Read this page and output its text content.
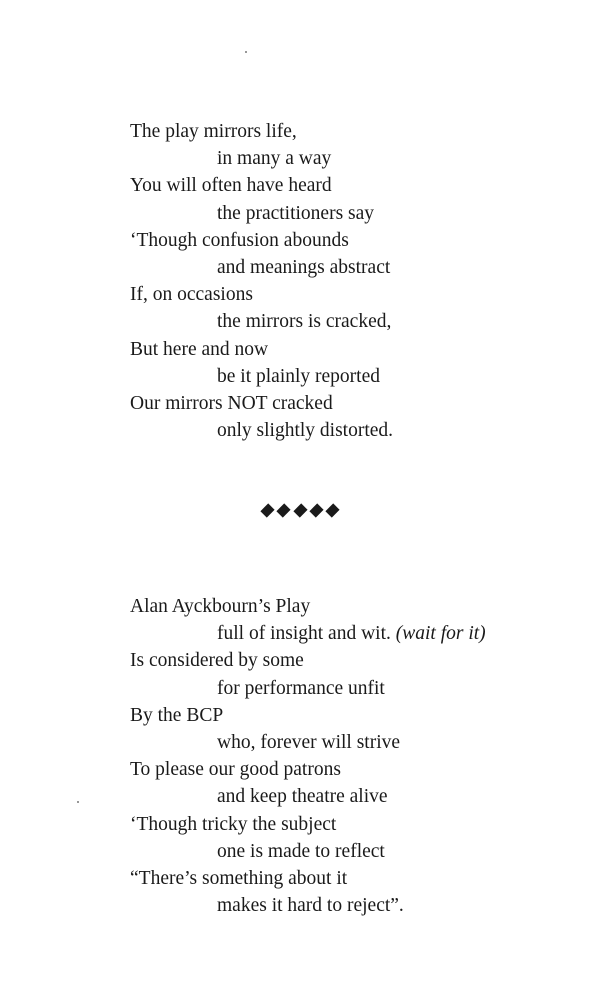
The play mirrors life,
in many a way
You will often have heard
the practitioners say
‘Though confusion abounds
and meanings abstract
If, on occasions
the mirrors is cracked,
But here and now
be it plainly reported
Our mirrors NOT cracked
only slightly distorted.
Alan Ayckbourn’s Play
full of insight and wit. (wait for it)
Is considered by some
for performance unfit
By the BCP
who, forever will strive
To please our good patrons
and keep theatre alive
‘Though tricky the subject
one is made to reflect
“There’s something about it
makes it hard to reject”.
